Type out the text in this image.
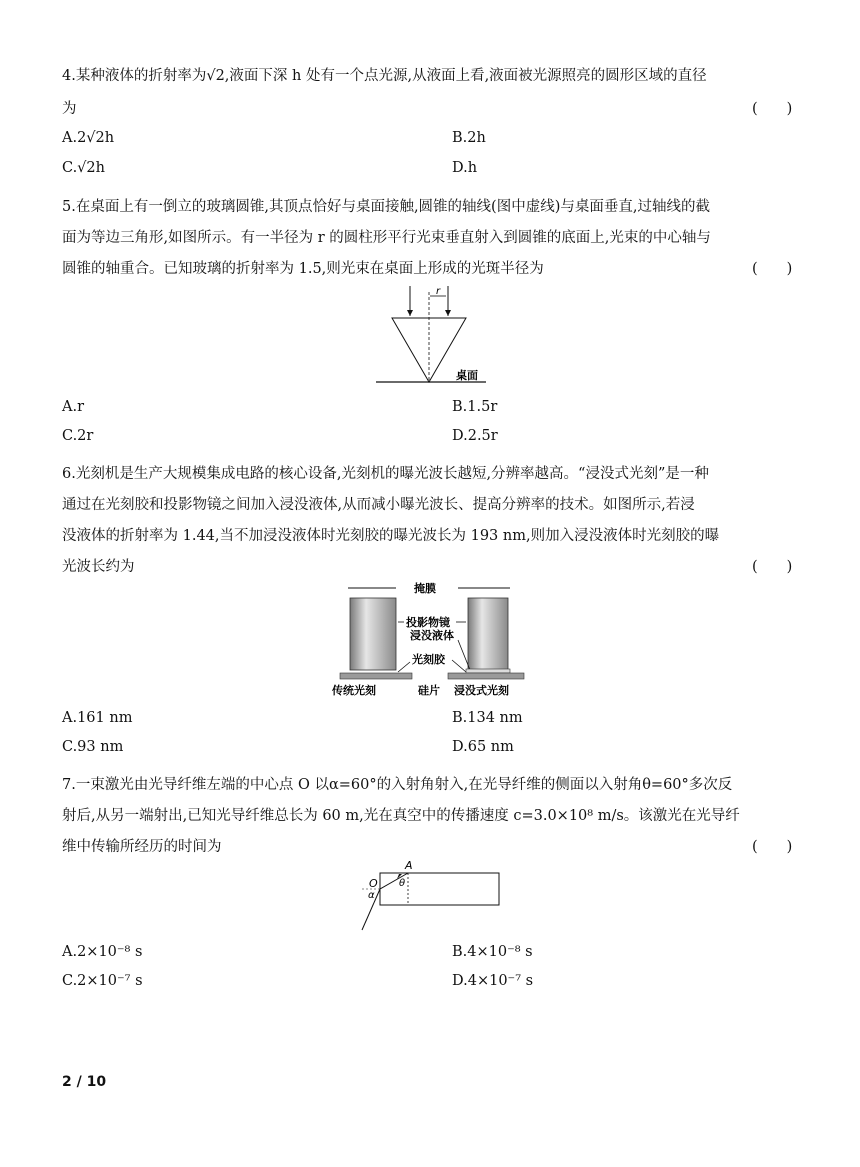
4.某种液体的折射率为√2,液面下深 h 处有一个点光源,从液面上看,液面被光源照亮的圆形区域的直径
为	(　　)
A.2√2h	B.2h
C.√2h	D.h
5.在桌面上有一倒立的玻璃圆锥,其顶点恰好与桌面接触,圆锥的轴线(图中虚线)与桌面垂直,过轴线的截
面为等边三角形,如图所示。有一半径为 r 的圆柱形平行光束垂直射入到圆锥的底面上,光束的中心轴与
圆锥的轴重合。已知玻璃的折射率为 1.5,则光束在桌面上形成的光斑半径为	(　　)
r
桌面
A.r	B.1.5r
C.2r	D.2.5r
6.光刻机是生产大规模集成电路的核心设备,光刻机的曝光波长越短,分辨率越高。“浸没式光刻”是一种
通过在光刻胶和投影物镜之间加入浸没液体,从而减小曝光波长、提高分辨率的技术。如图所示,若浸
没液体的折射率为 1.44,当不加浸没液体时光刻胶的曝光波长为 193 nm,则加入浸没液体时光刻胶的曝
光波长约为	(　　)
掩膜
投影物镜
浸没液体
光刻胶
传统光刻	硅片 浸没式光刻
A.161 nm	B.134 nm
C.93 nm	D.65 nm
7.一束激光由光导纤维左端的中心点 O 以α=60°的入射角射入,在光导纤维的侧面以入射角θ=60°多次反
射后,从另一端射出,已知光导纤维总长为 60 m,光在真空中的传播速度 c=3.0×10⁸ m/s。该激光在光导纤
维中传输所经历的时间为	(　　)
A
O θ
α
A.2×10⁻⁸ s	B.4×10⁻⁸ s
C.2×10⁻⁷ s	D.4×10⁻⁷ s
2 / 10
